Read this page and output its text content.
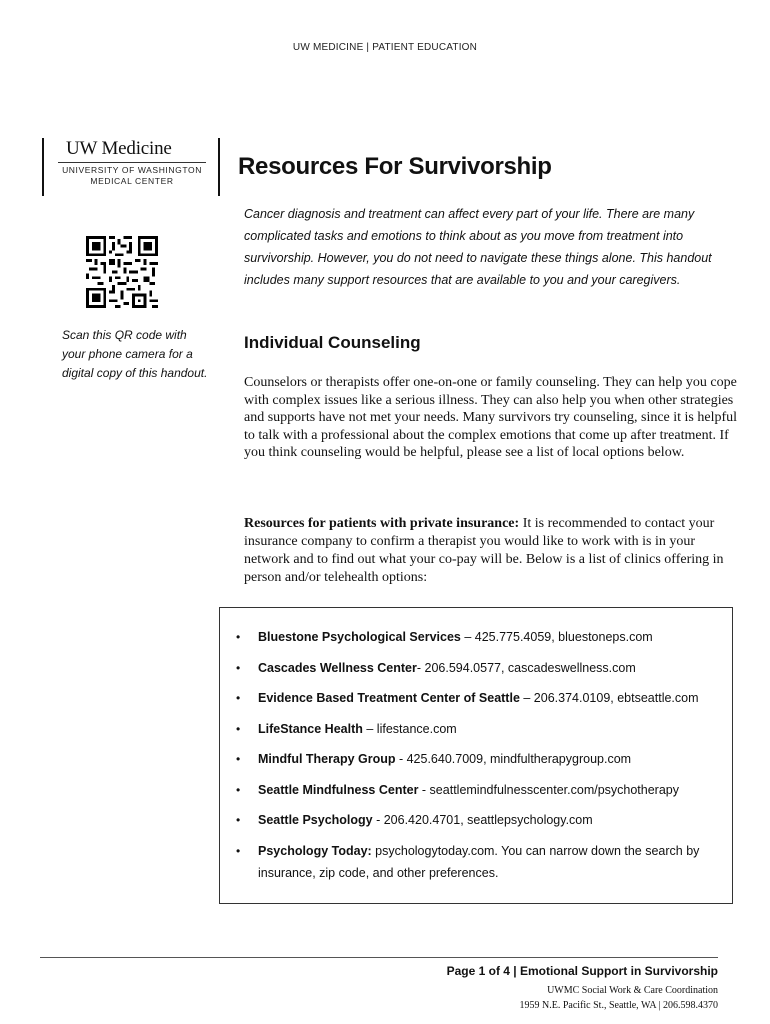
UW MEDICINE | PATIENT EDUCATION
UW Medicine
UNIVERSITY OF WASHINGTON
MEDICAL CENTER
Scan this QR code with your phone camera for a digital copy of this handout.
Resources For Survivorship
Cancer diagnosis and treatment can affect every part of your life. There are many complicated tasks and emotions to think about as you move from treatment into survivorship. However, you do not need to navigate these things alone. This handout includes many support resources that are available to you and your caregivers.
Individual Counseling
Counselors or therapists offer one-on-one or family counseling. They can help you cope with complex issues like a serious illness. They can also help you when other strategies and supports have not met your needs. Many survivors try counseling, since it is helpful to talk with a professional about the complex emotions that come up after treatment. If you think counseling would be helpful, please see a list of local options below.
Resources for patients with private insurance: It is recommended to contact your insurance company to confirm a therapist you would like to work with is in your network and to find out what your co-pay will be. Below is a list of clinics offering in person and/or telehealth options:
• Bluestone Psychological Services – 425.775.4059, bluestoneps.com
• Cascades Wellness Center- 206.594.0577, cascadeswellness.com
• Evidence Based Treatment Center of Seattle – 206.374.0109, ebtseattle.com
• LifeStance Health – lifestance.com
• Mindful Therapy Group - 425.640.7009, mindfultherapygroup.com
• Seattle Mindfulness Center - seattlemindfulnesscenter.com/psychotherapy
• Seattle Psychology - 206.420.4701, seattlepsychology.com
• Psychology Today: psychologytoday.com. You can narrow down the search by insurance, zip code, and other preferences.
Page 1 of 4 | Emotional Support in Survivorship
UWMC Social Work & Care Coordination
1959 N.E. Pacific St., Seattle, WA | 206.598.4370
